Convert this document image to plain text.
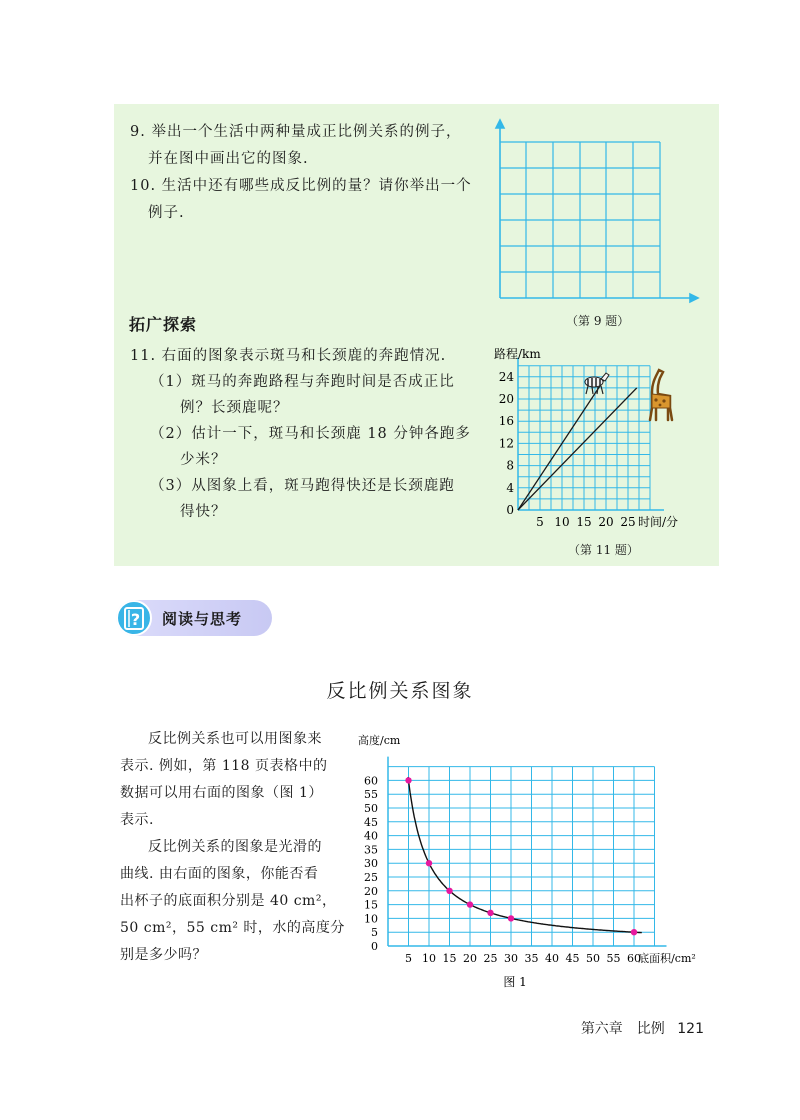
9. 举出一个生活中两种量成正比例关系的例子，
并在图中画出它的图象.
10. 生活中还有哪些成反比例的量？请你举出一个
例子.
（第 9 题）
拓广探索
11. 右面的图象表示斑马和长颈鹿的奔跑情况.
（1）斑马的奔跑路程与奔跑时间是否成正比
例？长颈鹿呢？
（2）估计一下，斑马和长颈鹿 18 分钟各跑多
少米？
（3）从图象上看，斑马跑得快还是长颈鹿跑
得快？
5 10 15 20 25
0
4
8
12
16
20
24
时间/分
路程/km
（第 11 题）
? 阅读与思考
反比例关系图象
反比例关系也可以用图象来
表示. 例如，第 118 页表格中的
数据可以用右面的图象（图 1）
表示.
反比例关系的图象是光滑的
曲线. 由右面的图象，你能否看
出杯子的底面积分别是 40 cm²，
50 cm²，55 cm² 时，水的高度分
别是多少吗？	5 10 15 20 25 30 35 40 45 50 55 60
0
5
10
15
20
25
30
35
40
45
50
55
60
底面积/cm²
高度/cm
图 1
第六章　比例 121
